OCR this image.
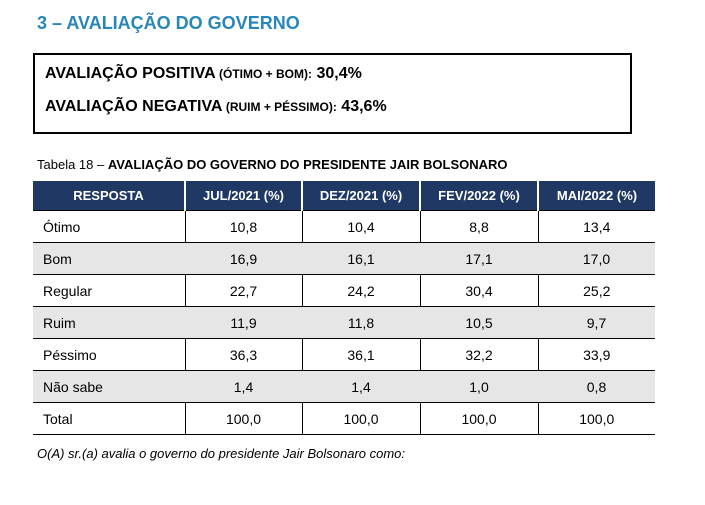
3 – AVALIAÇÃO DO GOVERNO

AVALIAÇÃO POSITIVA (ÓTIMO + BOM): 30,4%

AVALIAÇÃO NEGATIVA (RUIM + PÉSSIMO): 43,6%

Tabela 18 – AVALIAÇÃO DO GOVERNO DO PRESIDENTE JAIR BOLSONARO
RESPOSTA	JUL/2021 (%)	DEZ/2021 (%)	FEV/2022 (%)	MAI/2022 (%)
Ótimo	10,8	10,4	8,8	13,4
Bom	16,9	16,1	17,1	17,0
Regular	22,7	24,2	30,4	25,2
Ruim	11,9	11,8	10,5	9,7
Péssimo	36,3	36,1	32,2	33,9
Não sabe	1,4	1,4	1,0	0,8
Total	100,0	100,0	100,0	100,0
O(A) sr.(a) avalia o governo do presidente Jair Bolsonaro como:
